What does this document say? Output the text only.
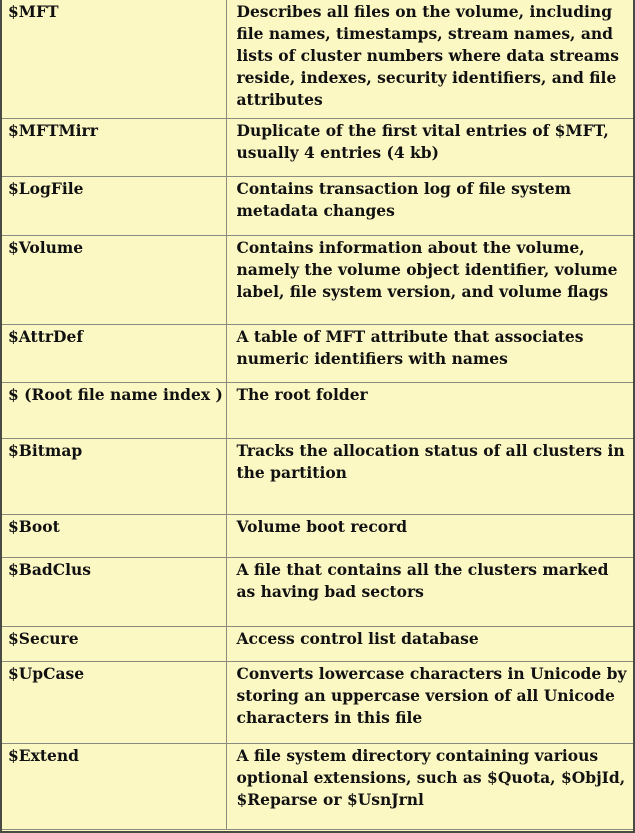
$MFT	Describes all files on the volume, including file names, timestamps, stream names, and lists of cluster numbers where data streams reside, indexes, security identifiers, and file attributes
$MFTMirr	Duplicate of the first vital entries of $MFT, usually 4 entries (4 kb)
$LogFile	Contains transaction log of file system metadata changes
$Volume	Contains information about the volume, namely the volume object identifier, volume label, file system version, and volume flags
$AttrDef	A table of MFT attribute that associates numeric identifiers with names
$ (Root file name index )	The root folder
$Bitmap	Tracks the allocation status of all clusters in the partition
$Boot	Volume boot record
$BadClus	A file that contains all the clusters marked as having bad sectors
$Secure	Access control list database
$UpCase	Converts lowercase characters in Unicode by storing an uppercase version of all Unicode characters in this file
$Extend	A file system directory containing various optional extensions, such as $Quota, $ObjId, $Reparse or $UsnJrnl
